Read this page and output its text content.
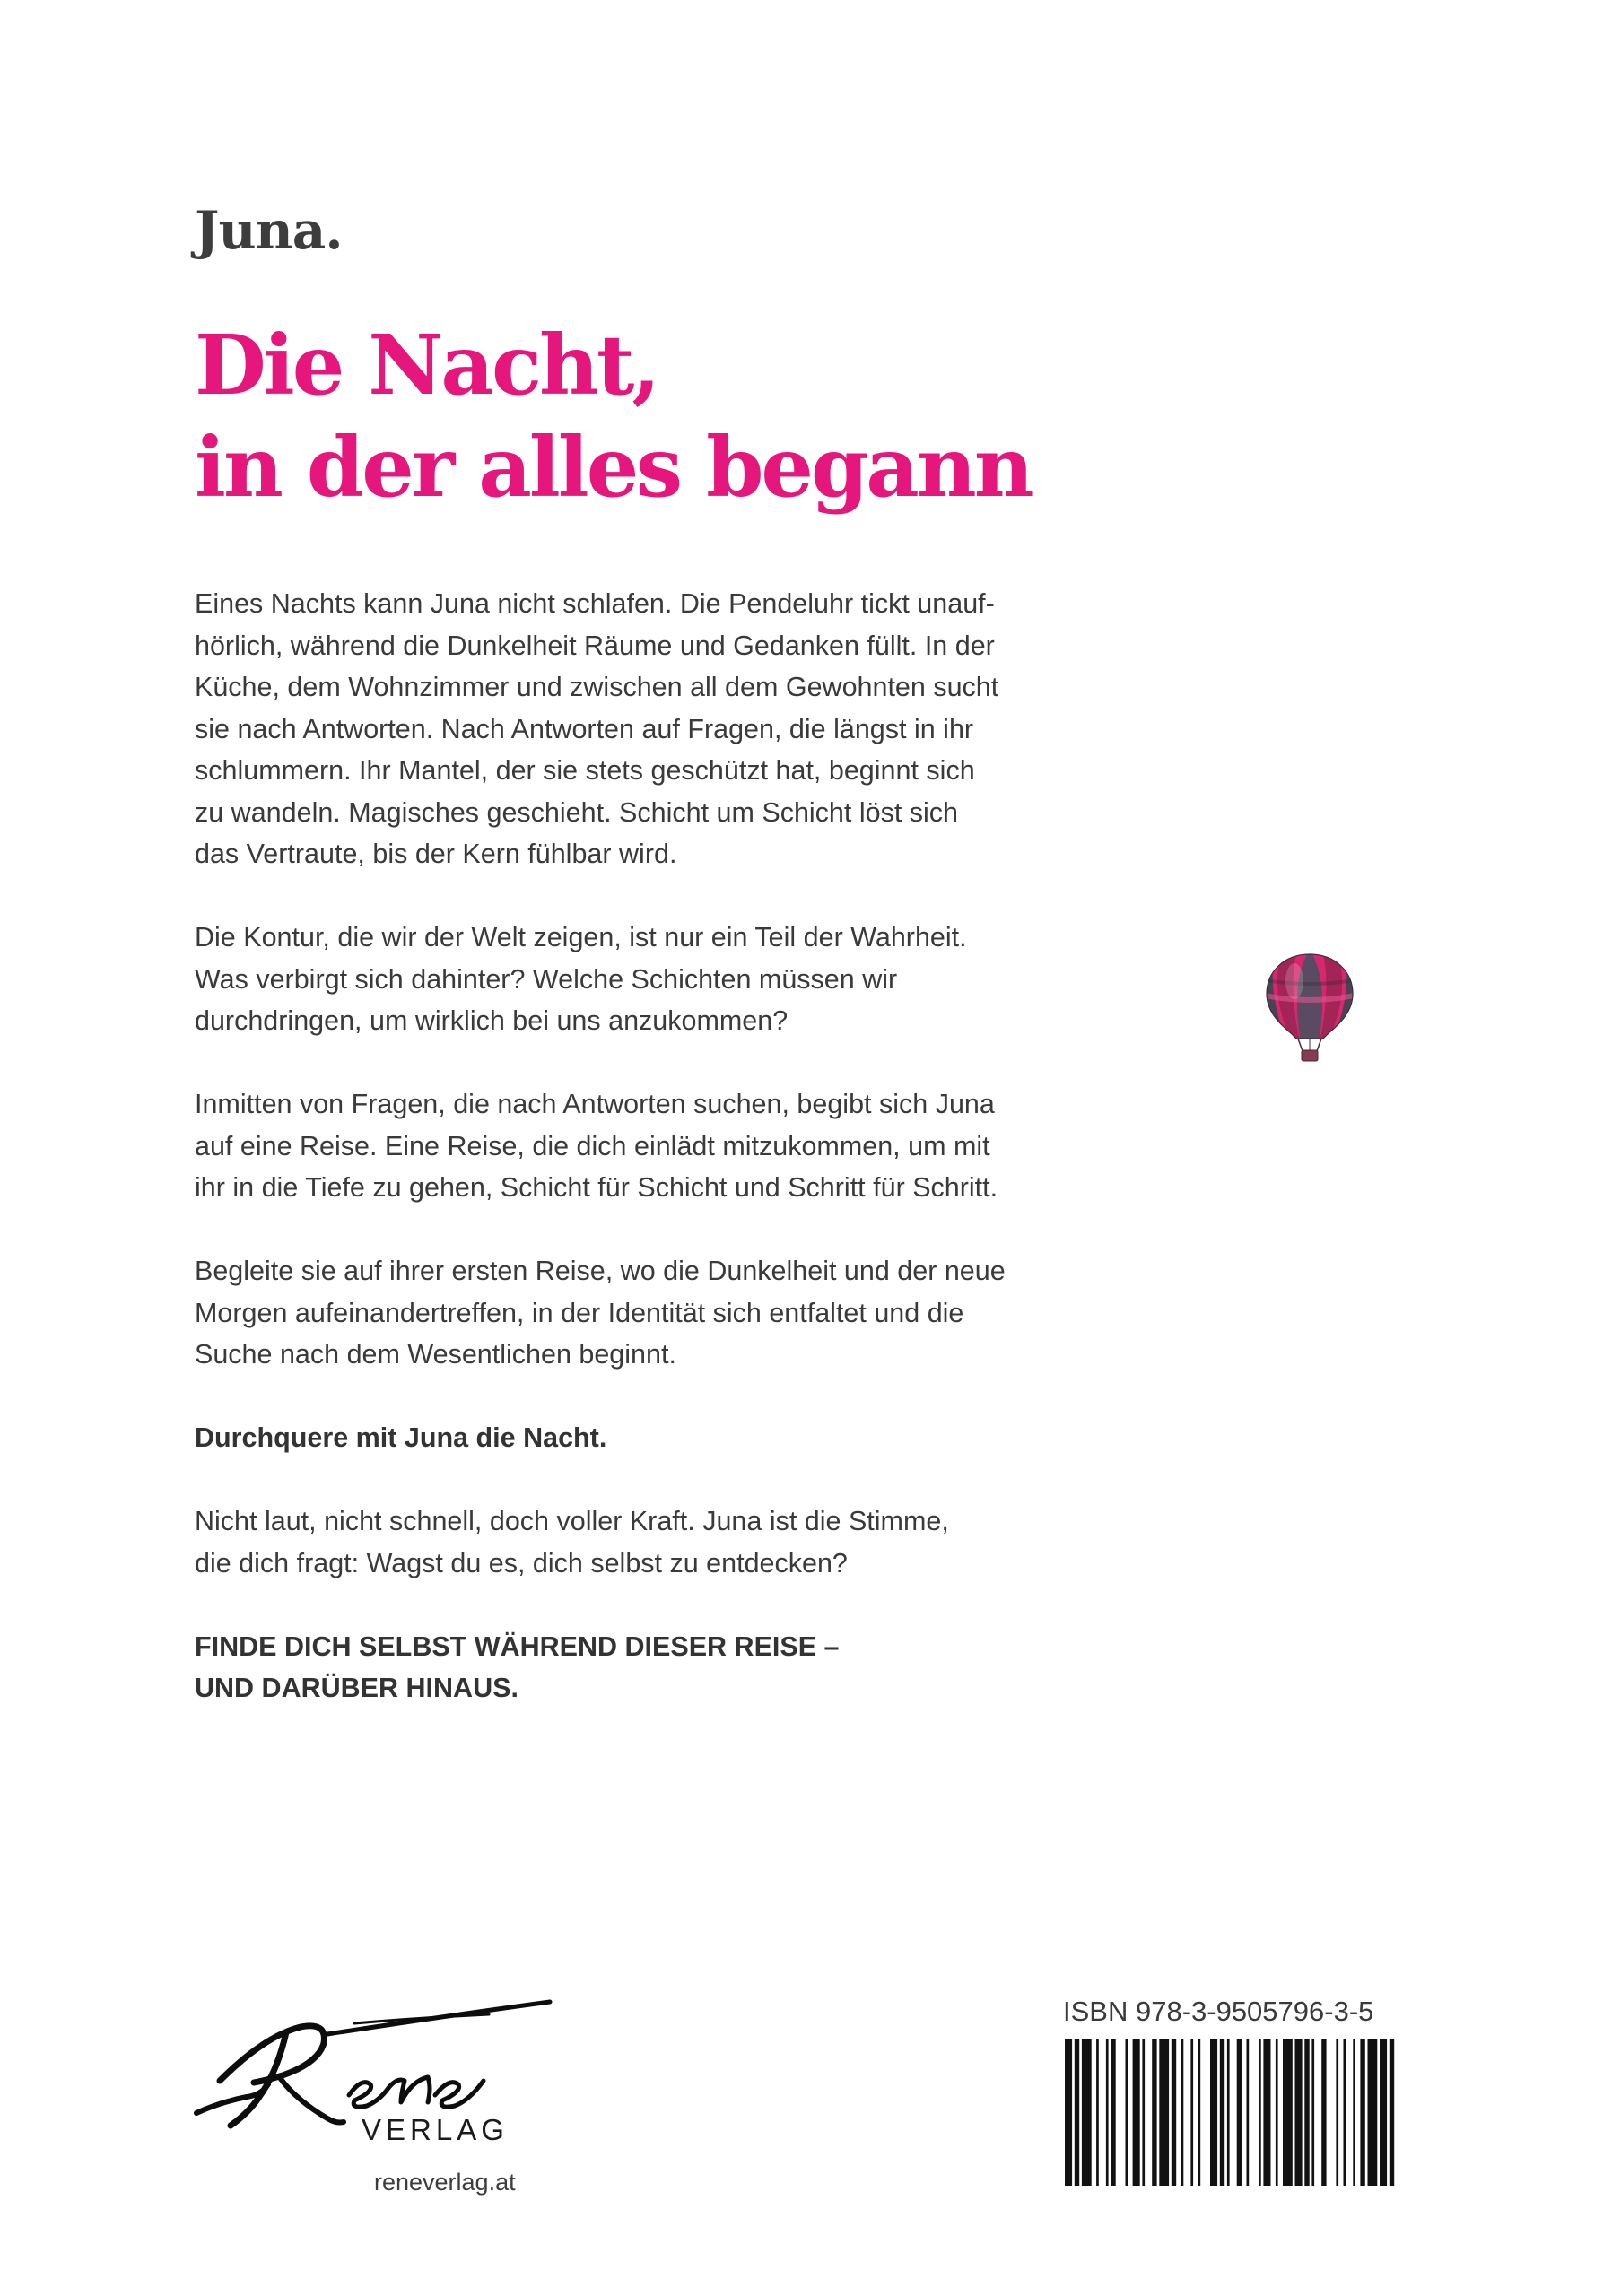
Juna.
Die Nacht,
in der alles begann

Eines Nachts kann Juna nicht schlafen. Die Pendeluhr tickt unauf-
hörlich, während die Dunkelheit Räume und Gedanken füllt. In der
Küche, dem Wohnzimmer und zwischen all dem Gewohnten sucht
sie nach Antworten. Nach Antworten auf Fragen, die längst in ihr
schlummern. Ihr Mantel, der sie stets geschützt hat, beginnt sich
zu wandeln. Magisches geschieht. Schicht um Schicht löst sich
das Vertraute, bis der Kern fühlbar wird.

Die Kontur, die wir der Welt zeigen, ist nur ein Teil der Wahrheit.
Was verbirgt sich dahinter? Welche Schichten müssen wir
durchdringen, um wirklich bei uns anzukommen?

Inmitten von Fragen, die nach Antworten suchen, begibt sich Juna
auf eine Reise. Eine Reise, die dich einlädt mitzukommen, um mit
ihr in die Tiefe zu gehen, Schicht für Schicht und Schritt für Schritt.

Begleite sie auf ihrer ersten Reise, wo die Dunkelheit und der neue
Morgen aufeinandertreffen, in der Identität sich entfaltet und die
Suche nach dem Wesentlichen beginnt.

Durchquere mit Juna die Nacht.

Nicht laut, nicht schnell, doch voller Kraft. Juna ist die Stimme,
die dich fragt: Wagst du es, dich selbst zu entdecken?

FINDE DICH SELBST WÄHREND DIESER REISE –
UND DARÜBER HINAUS.

VERLAG
reneverlag.at
ISBN 978-3-9505796-3-5
